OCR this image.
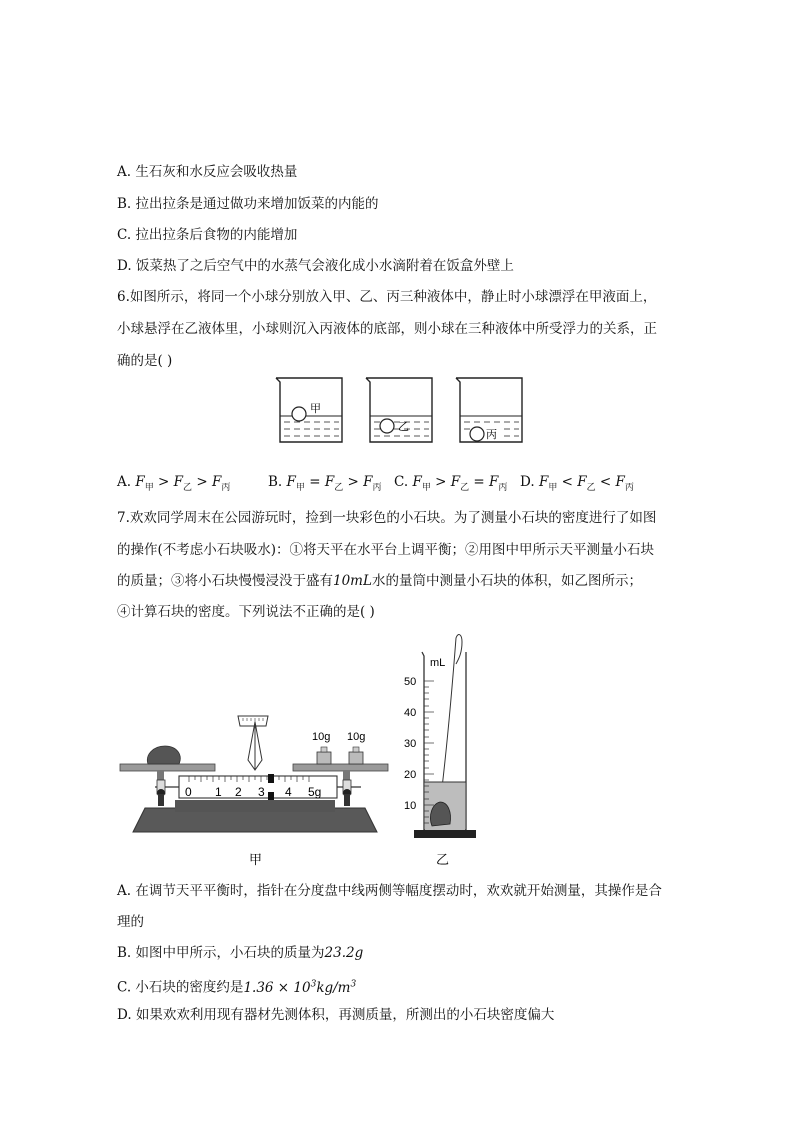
A. 生石灰和水反应会吸收热量
B. 拉出拉条是通过做功来增加饭菜的内能的
C. 拉出拉条后食物的内能增加
D. 饭菜热了之后空气中的水蒸气会液化成小水滴附着在饭盒外壁上
6.如图所示，将同一个小球分别放入甲、乙、丙三种液体中，静止时小球漂浮在甲液面上，
小球悬浮在乙液体里，小球则沉入丙液体的底部，则小球在三种液体中所受浮力的关系，正
确的是( )
甲
乙
丙
A. $F_甲 > F_乙 > F_丙$	B. $F_甲 = F_乙 > F_丙$ C. $F_甲 > F_乙 = F_丙$ D. $F_甲 < F_乙 < F_丙$
7.欢欢同学周末在公园游玩时，捡到一块彩色的小石块。为了测量小石块的密度进行了如图
的操作(不考虑小石块吸水)：①将天平在水平台上调平衡；②用图中甲所示天平测量小石块
的质量；③将小石块慢慢浸没于盛有10mL水的量筒中测量小石块的体积，如乙图所示；
④计算石块的密度。下列说法不正确的是( )
10g 10g
0 1 2 3 4 5g
甲
mL
50
40
30
20
10
乙
A. 在调节天平平衡时，指针在分度盘中线两侧等幅度摆动时，欢欢就开始测量，其操作是合
理的
B. 如图中甲所示，小石块的质量为23.2g
C. 小石块的密度约是$1.36 \times 10^3kg/m^3$
D. 如果欢欢利用现有器材先测体积，再测质量，所测出的小石块密度偏大
